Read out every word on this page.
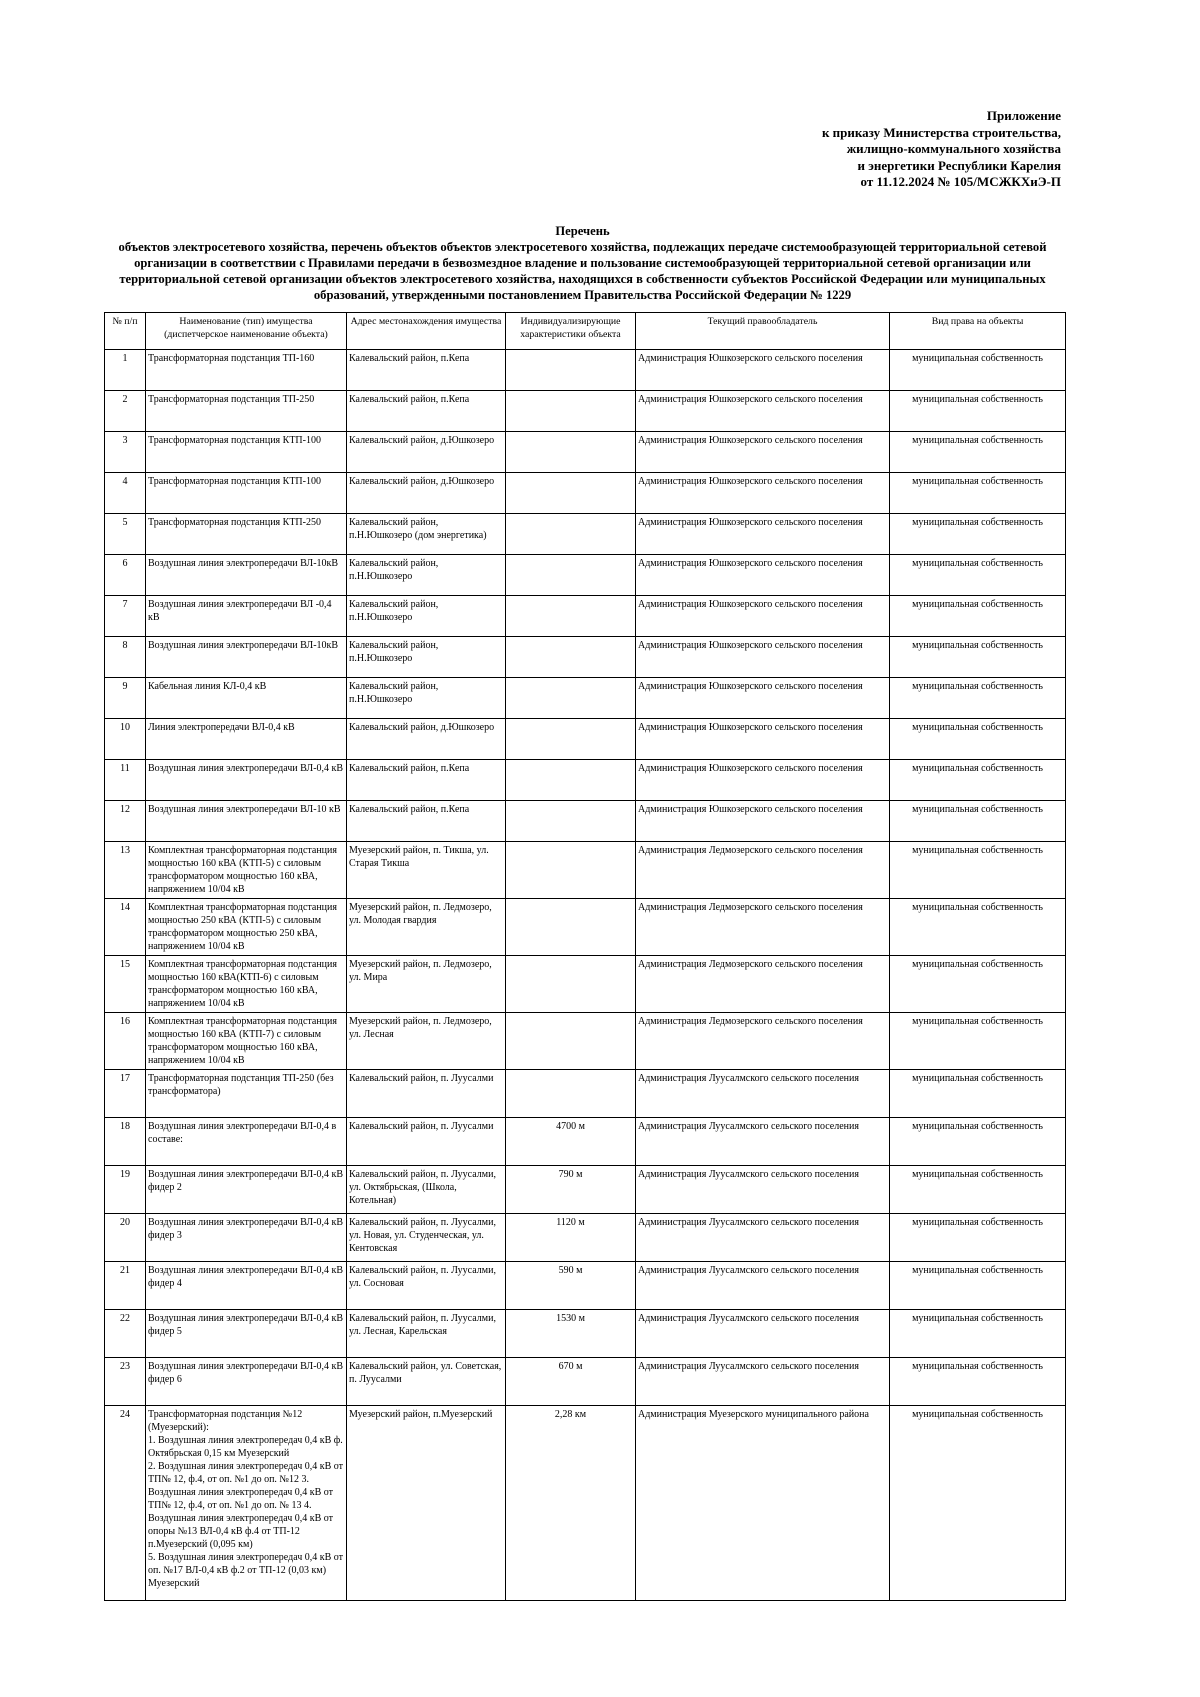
Приложение
к приказу Министерства строительства,
жилищно-коммунального хозяйства
и энергетики Республики Карелия
от 11.12.2024 № 105/МСЖКХиЭ-П
Перечень
объектов электросетевого хозяйства, перечень объектов объектов электросетевого хозяйства, подлежащих передаче системообразующей территориальной сетевой
организации в соответствии с Правилами передачи в безвозмездное владение и пользование системообразующей территориальной сетевой организации или
территориальной сетевой организации объектов электросетевого хозяйства, находящихся в собственности субъектов Российской Федерации или муниципальных
образований, утвержденными постановлением Правительства Российской Федерации № 1229
№ п/п	Наименование (тип) имущества (диспетчерское наименование объекта)	Адрес местонахождения имущества	Индивидуализирующие характеристики объекта	Текущий правообладатель	Вид права на объекты
1	Трансформаторная подстанция ТП-160	Калевальский район, п.Кепа		Администрация Юшкозерского сельского поселения	муниципальная собственность
2	Трансформаторная подстанция ТП-250	Калевальский район, п.Кепа		Администрация Юшкозерского сельского поселения	муниципальная собственность
3	Трансформаторная подстанция КТП-100	Калевальский район, д.Юшкозеро		Администрация Юшкозерского сельского поселения	муниципальная собственность
4	Трансформаторная подстанция КТП-100	Калевальский район, д.Юшкозеро		Администрация Юшкозерского сельского поселения	муниципальная собственность
5	Трансформаторная подстанция КТП-250	Калевальский район, п.Н.Юшкозеро (дом энергетика)		Администрация Юшкозерского сельского поселения	муниципальная собственность
6	Воздушная линия электропередачи ВЛ-10кВ	Калевальский район, п.Н.Юшкозеро		Администрация Юшкозерского сельского поселения	муниципальная собственность
7	Воздушная линия электропередачи ВЛ -0,4 кВ	Калевальский район, п.Н.Юшкозеро		Администрация Юшкозерского сельского поселения	муниципальная собственность
8	Воздушная линия электропередачи ВЛ-10кВ	Калевальский район, п.Н.Юшкозеро		Администрация Юшкозерского сельского поселения	муниципальная собственность
9	Кабельная линия КЛ-0,4 кВ	Калевальский район, п.Н.Юшкозеро		Администрация Юшкозерского сельского поселения	муниципальная собственность
10	Линия электропередачи ВЛ-0,4 кВ	Калевальский район, д.Юшкозеро		Администрация Юшкозерского сельского поселения	муниципальная собственность
11	Воздушная линия электропередачи ВЛ-0,4 кВ	Калевальский район, п.Кепа		Администрация Юшкозерского сельского поселения	муниципальная собственность
12	Воздушная линия электропередачи ВЛ-10 кВ	Калевальский район, п.Кепа		Администрация Юшкозерского сельского поселения	муниципальная собственность
13	Комплектная трансформаторная подстанция мощностью 160 кВА (КТП-5) с силовым трансформатором мощностью 160 кВА, напряжением 10/04 кВ	Муезерский район, п. Тикша, ул. Старая Тикша		Администрация Ледмозерского сельского поселения	муниципальная собственность
14	Комплектная трансформаторная подстанция мощностью 250 кВА (КТП-5) с силовым трансформатором мощностью 250 кВА, напряжением 10/04 кВ	Муезерский район, п. Ледмозеро, ул. Молодая гвардия		Администрация Ледмозерского сельского поселения	муниципальная собственность
15	Комплектная трансформаторная подстанция мощностью 160 кВА(КТП-6) с силовым трансформатором мощностью 160 кВА, напряжением 10/04 кВ	Муезерский район, п. Ледмозеро, ул. Мира		Администрация Ледмозерского сельского поселения	муниципальная собственность
16	Комплектная трансформаторная подстанция мощностью 160 кВА (КТП-7) с силовым трансформатором мощностью 160 кВА, напряжением 10/04 кВ	Муезерский район, п. Ледмозеро, ул. Лесная		Администрация Ледмозерского сельского поселения	муниципальная собственность
17	Трансформаторная подстанция ТП-250 (без трансформатора)	Калевальский район, п. Луусалми		Администрация Луусалмского сельского поселения	муниципальная собственность
18	Воздушная линия электропередачи ВЛ-0,4 в составе:	Калевальский район, п. Луусалми	4700 м	Администрация Луусалмского сельского поселения	муниципальная собственность
19	Воздушная линия электропередачи ВЛ-0,4 кВ фидер 2	Калевальский район, п. Луусалми, ул. Октябрьская, (Школа, Котельная)	790 м	Администрация Луусалмского сельского поселения	муниципальная собственность
20	Воздушная линия электропередачи ВЛ-0,4 кВ фидер 3	Калевальский район, п. Луусалми, ул. Новая, ул. Студенческая, ул. Кентовская	1120 м	Администрация Луусалмского сельского поселения	муниципальная собственность
21	Воздушная линия электропередачи ВЛ-0,4 кВ фидер 4	Калевальский район, п. Луусалми, ул. Сосновая	590 м	Администрация Луусалмского сельского поселения	муниципальная собственность
22	Воздушная линия электропередачи ВЛ-0,4 кВ фидер 5	Калевальский район, п. Луусалми, ул. Лесная, Карельская	1530 м	Администрация Луусалмского сельского поселения	муниципальная собственность
23	Воздушная линия электропередачи ВЛ-0,4 кВ фидер 6	Калевальский район, ул. Советская, п. Луусалми	670 м	Администрация Луусалмского сельского поселения	муниципальная собственность
24	Трансформаторная подстанция №12 (Муезерский):
1. Воздушная линия электропередач 0,4 кВ ф. Октябрьская 0,15 км Муезерский
2. Воздушная линия электропередач 0,4 кВ от ТП№ 12, ф.4, от оп. №1 до оп. №12 3. Воздушная линия электропередач 0,4 кВ от ТП№ 12, ф.4, от оп. №1 до оп. № 13 4. Воздушная линия электропередач 0,4 кВ от опоры №13 ВЛ-0,4 кВ ф.4 от ТП-12 п.Муезерский (0,095 км)
5. Воздушная линия электропередач 0,4 кВ от оп. №17 ВЛ-0,4 кВ ф.2 от ТП-12 (0,03 км) Муезерский	Муезерский район, п.Муезерский	2,28 км	Администрация Муезерского муниципального района	муниципальная собственность
